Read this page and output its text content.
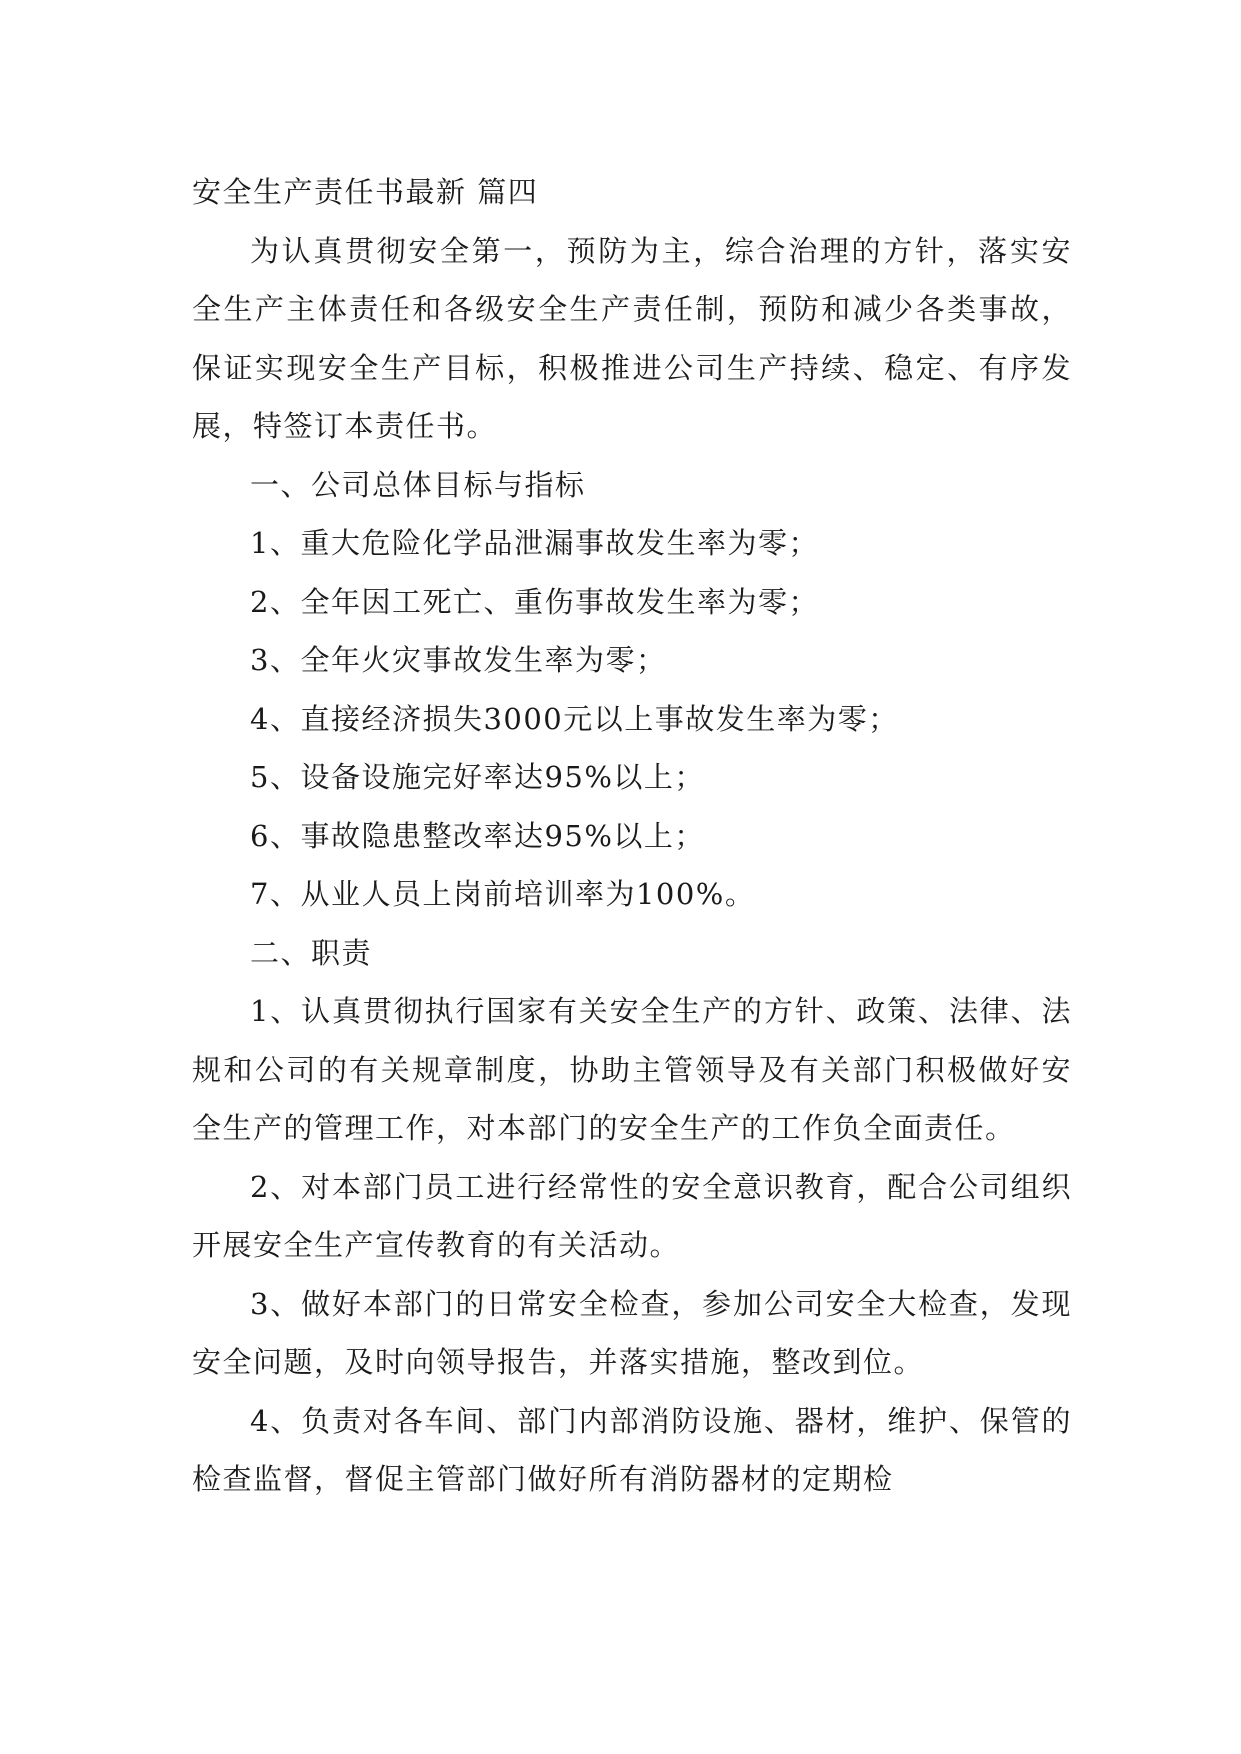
安全生产责任书最新 篇四

为认真贯彻安全第一，预防为主，综合治理的方针，落实安全生产主体责任和各级安全生产责任制，预防和减少各类事故，保证实现安全生产目标，积极推进公司生产持续、稳定、有序发展，特签订本责任书。

一、公司总体目标与指标

1、重大危险化学品泄漏事故发生率为零；

2、全年因工死亡、重伤事故发生率为零；

3、全年火灾事故发生率为零；

4、直接经济损失3000元以上事故发生率为零；

5、设备设施完好率达95%以上；

6、事故隐患整改率达95%以上；

7、从业人员上岗前培训率为100%。

二、职责

1、认真贯彻执行国家有关安全生产的方针、政策、法律、法规和公司的有关规章制度，协助主管领导及有关部门积极做好安全生产的管理工作，对本部门的安全生产的工作负全面责任。

2、对本部门员工进行经常性的安全意识教育，配合公司组织开展安全生产宣传教育的有关活动。

3、做好本部门的日常安全检查，参加公司安全大检查，发现安全问题，及时向领导报告，并落实措施，整改到位。

4、负责对各车间、部门内部消防设施、器材，维护、保管的检查监督，督促主管部门做好所有消防器材的定期检
